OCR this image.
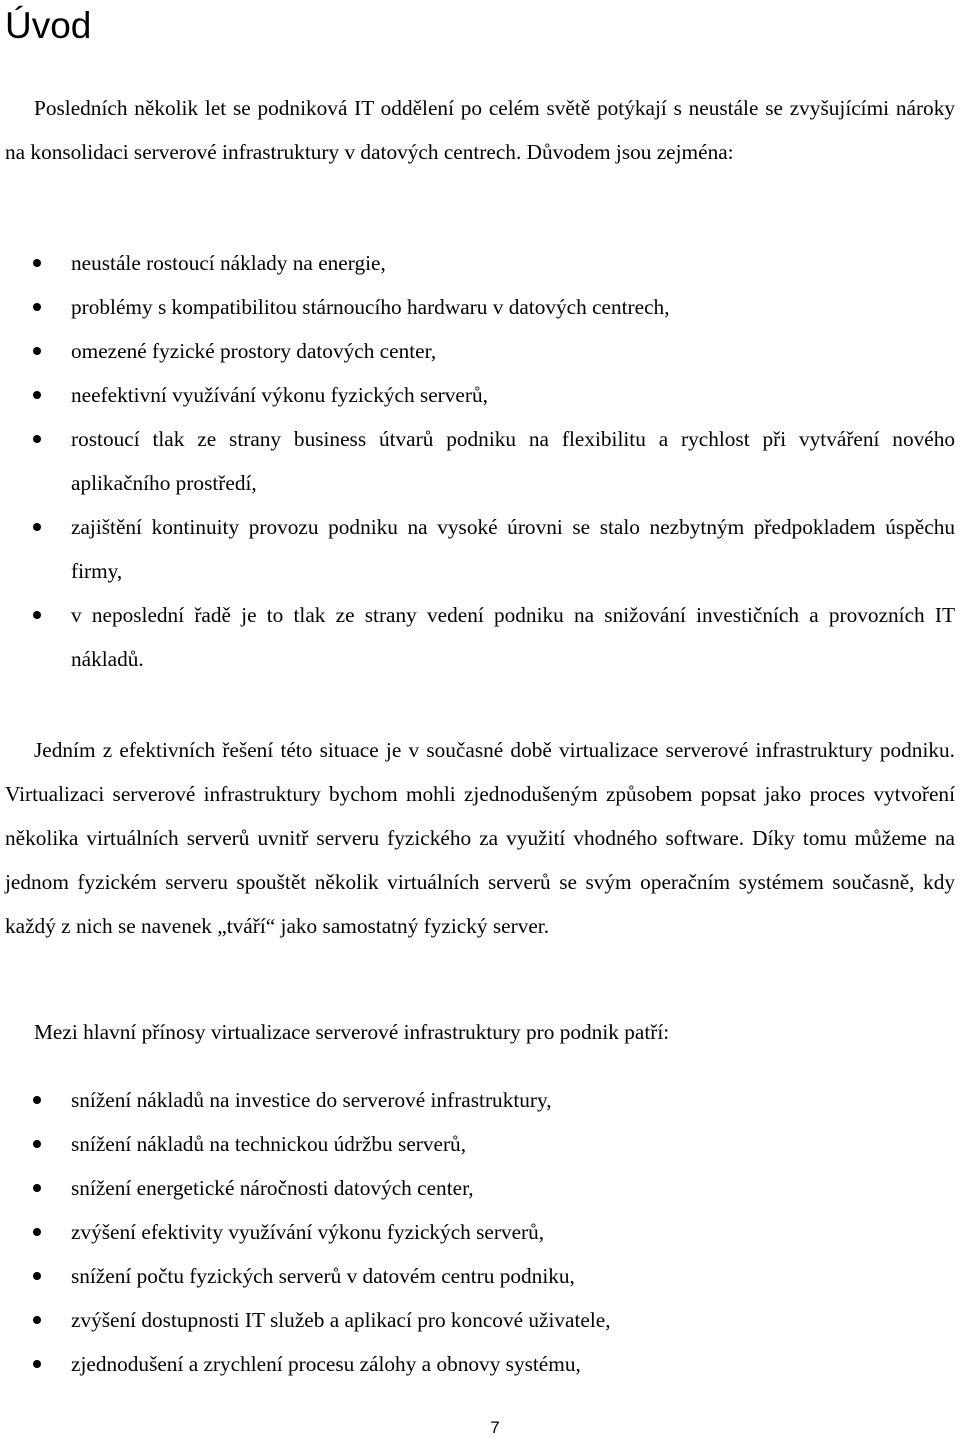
Úvod

Posledních několik let se podniková IT oddělení po celém světě potýkají s neustále se zvyšujícími nároky na konsolidaci serverové infrastruktury v datových centrech. Důvodem jsou zejména:

neustále rostoucí náklady na energie,
problémy s kompatibilitou stárnoucího hardwaru v datových centrech,
omezené fyzické prostory datových center,
neefektivní využívání výkonu fyzických serverů,
rostoucí tlak ze strany business útvarů podniku na flexibilitu a rychlost při vytváření nového aplikačního prostředí,
zajištění kontinuity provozu podniku na vysoké úrovni se stalo nezbytným předpokladem úspěchu firmy,
v neposlední řadě je to tlak ze strany vedení podniku na snižování investičních a provozních IT nákladů.

Jedním z efektivních řešení této situace je v současné době virtualizace serverové infrastruktury podniku. Virtualizaci serverové infrastruktury bychom mohli zjednodušeným způsobem popsat jako proces vytvoření několika virtuálních serverů uvnitř serveru fyzického za využití vhodného software. Díky tomu můžeme na jednom fyzickém serveru spouštět několik virtuálních serverů se svým operačním systémem současně, kdy každý z nich se navenek „tváří“ jako samostatný fyzický server.

Mezi hlavní přínosy virtualizace serverové infrastruktury pro podnik patří:

snížení nákladů na investice do serverové infrastruktury,
snížení nákladů na technickou údržbu serverů,
snížení energetické náročnosti datových center,
zvýšení efektivity využívání výkonu fyzických serverů,
snížení počtu fyzických serverů v datovém centru podniku,
zvýšení dostupnosti IT služeb a aplikací pro koncové uživatele,
zjednodušení a zrychlení procesu zálohy a obnovy systému,
7
